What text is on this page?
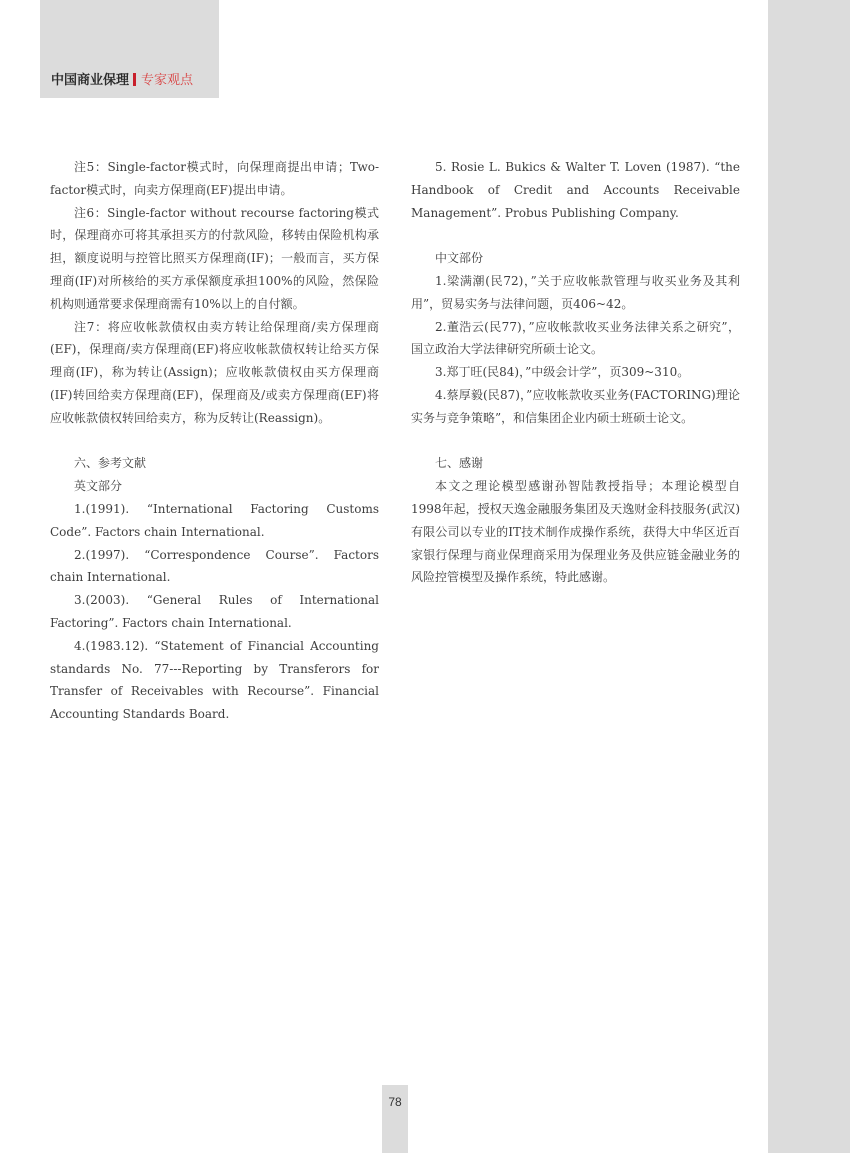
中国商业保理 专家观点

注5：Single-factor模式时，向保理商提出申请；Two-factor模式时，向卖方保理商(EF)提出申请。

注6：Single-factor without recourse factoring模式时，保理商亦可将其承担买方的付款风险，移转由保险机构承担，额度说明与控管比照买方保理商(IF)；一般而言，买方保理商(IF)对所核给的买方承保额度承担100%的风险，然保险机构则通常要求保理商需有10%以上的自付额。

注7：将应收帐款债权由卖方转让给保理商/卖方保理商(EF)，保理商/卖方保理商(EF)将应收帐款债权转让给买方保理商(IF)，称为转让(Assign)；应收帐款债权由买方保理商(IF)转回给卖方保理商(EF)，保理商及/或卖方保理商(EF)将应收帐款债权转回给卖方，称为反转让(Reassign)。

六、参考文献

英文部分

1.(1991). “International Factoring Customs Code”. Factors chain International.

2.(1997). “Correspondence Course”. Factors chain International.

3.(2003). “General Rules of International Factoring”. Factors chain International.

4.(1983.12). “Statement of Financial Accounting standards No. 77---Reporting by Transferors for Transfer of Receivables with Recourse”. Financial Accounting Standards Board.

5. Rosie L. Bukics & Walter T. Loven (1987). “the Handbook of Credit and Accounts Receivable Management”. Probus Publishing Company.

中文部份

1.梁满潮(民72)，”关于应收帐款管理与收买业务及其利用”，贸易实务与法律问题，页406~42。

2.董浩云(民77)，”应收帐款收买业务法律关系之研究”，国立政治大学法律研究所硕士论文。

3.郑丁旺(民84)，”中级会计学”，页309~310。

4.蔡厚毅(民87)，”应收帐款收买业务(FACTORING)理论实务与竞争策略”，和信集团企业内硕士班硕士论文。

七、感谢

本文之理论模型感谢孙智陆教授指导；本理论模型自1998年起，授权天逸金融服务集团及天逸财金科技服务(武汉)有限公司以专业的IT技术制作成操作系统，获得大中华区近百家银行保理与商业保理商采用为保理业务及供应链金融业务的风险控管模型及操作系统，特此感谢。

78
